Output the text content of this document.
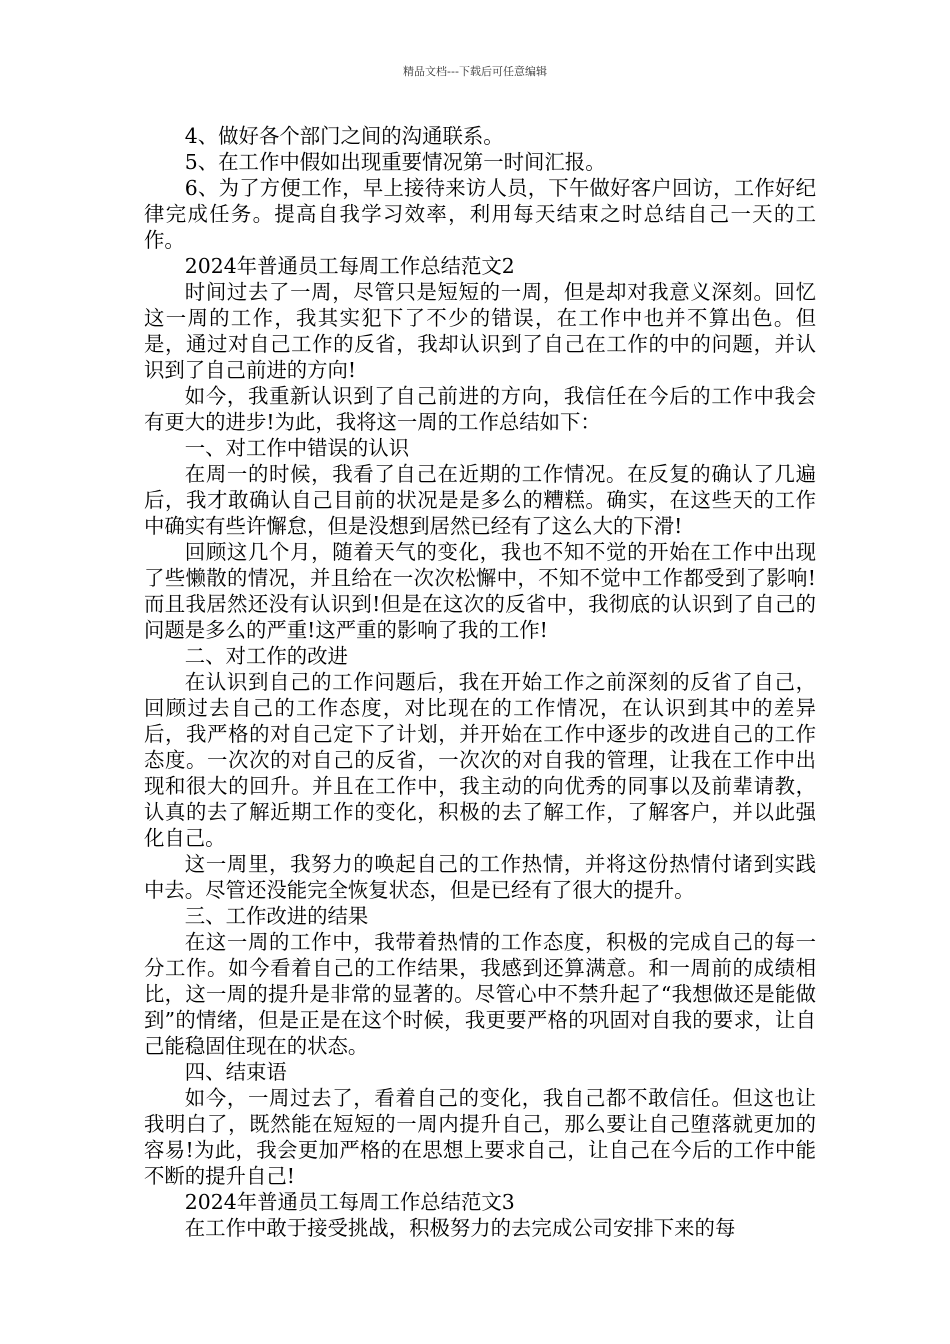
精品文档---下载后可任意编辑

4、做好各个部门之间的沟通联系。

5、在工作中假如出现重要情况第一时间汇报。

6、为了方便工作，早上接待来访人员，下午做好客户回访，工作好纪律完成任务。提高自我学习效率，利用每天结束之时总结自己一天的工作。

2024年普通员工每周工作总结范文2

时间过去了一周，尽管只是短短的一周，但是却对我意义深刻。回忆这一周的工作，我其实犯下了不少的错误，在工作中也并不算出色。但是，通过对自己工作的反省，我却认识到了自己在工作的中的问题，并认识到了自己前进的方向!

如今，我重新认识到了自己前进的方向，我信任在今后的工作中我会有更大的进步!为此，我将这一周的工作总结如下：

一、对工作中错误的认识

在周一的时候，我看了自己在近期的工作情况。在反复的确认了几遍后，我才敢确认自己目前的状况是是多么的糟糕。确实，在这些天的工作中确实有些许懈怠，但是没想到居然已经有了这么大的下滑!

回顾这几个月，随着天气的变化，我也不知不觉的开始在工作中出现了些懒散的情况，并且给在一次次松懈中，不知不觉中工作都受到了影响!而且我居然还没有认识到!但是在这次的反省中，我彻底的认识到了自己的问题是多么的严重!这严重的影响了我的工作!

二、对工作的改进

在认识到自己的工作问题后，我在开始工作之前深刻的反省了自己，回顾过去自己的工作态度，对比现在的工作情况，在认识到其中的差异后，我严格的对自己定下了计划，并开始在工作中逐步的改进自己的工作态度。一次次的对自己的反省，一次次的对自我的管理，让我在工作中出现和很大的回升。并且在工作中，我主动的向优秀的同事以及前辈请教，认真的去了解近期工作的变化，积极的去了解工作，了解客户，并以此强化自己。

这一周里，我努力的唤起自己的工作热情，并将这份热情付诸到实践中去。尽管还没能完全恢复状态，但是已经有了很大的提升。

三、工作改进的结果

在这一周的工作中，我带着热情的工作态度，积极的完成自己的每一分工作。如今看着自己的工作结果，我感到还算满意。和一周前的成绩相比，这一周的提升是非常的显著的。尽管心中不禁升起了“我想做还是能做到”的情绪，但是正是在这个时候，我更要严格的巩固对自我的要求，让自己能稳固住现在的状态。

四、结束语

如今，一周过去了，看着自己的变化，我自己都不敢信任。但这也让我明白了，既然能在短短的一周内提升自己，那么要让自己堕落就更加的容易!为此，我会更加严格的在思想上要求自己，让自己在今后的工作中能不断的提升自己!

2024年普通员工每周工作总结范文3

在工作中敢于接受挑战，积极努力的去完成公司安排下来的每
